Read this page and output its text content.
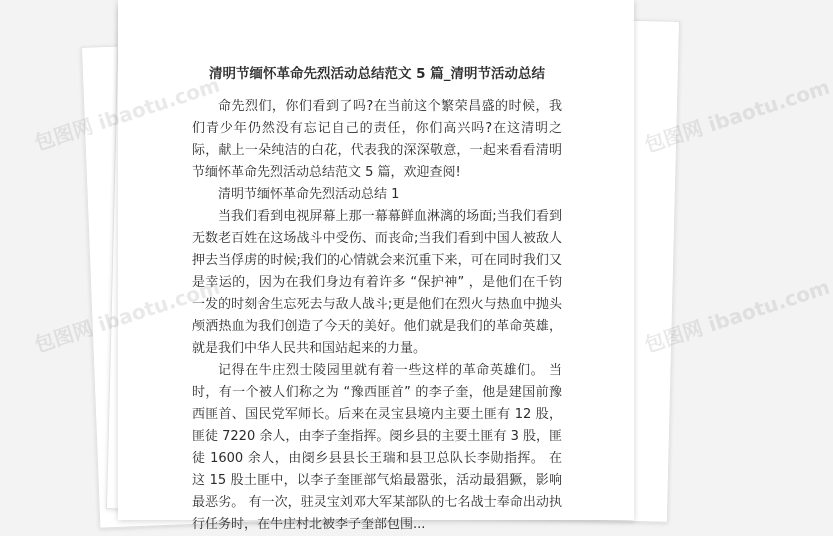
清明节缅怀革命先烈活动总结范文 5 篇_清明节活动总结

命先烈们，你们看到了吗?在当前这个繁荣昌盛的时候，我们青少年仍然没有忘记自己的责任，你们高兴吗?在这清明之际，献上一朵纯洁的白花，代表我的深深敬意，一起来看看清明节缅怀革命先烈活动总结范文 5 篇，欢迎查阅!

清明节缅怀革命先烈活动总结 1

当我们看到电视屏幕上那一幕幕鲜血淋漓的场面;当我们看到无数老百姓在这场战斗中受伤、而丧命;当我们看到中国人被敌人押去当俘虏的时候;我们的心情就会来沉重下来，可在同时我们又是幸运的，因为在我们身边有着许多 “保护神” ，是他们在千钧一发的时刻舍生忘死去与敌人战斗;更是他们在烈火与热血中抛头颅洒热血为我们创造了今天的美好。他们就是我们的革命英雄，就是我们中华人民共和国站起来的力量。

记得在牛庄烈士陵园里就有着一些这样的革命英雄们。 当时，有一个被人们称之为 “豫西匪首” 的李子奎，他是建国前豫西匪首、国民党军师长。后来在灵宝县境内主要土匪有 12 股，匪徒 7220 余人，由李子奎指挥。阌乡县的主要土匪有 3 股，匪徒 1600 余人，由阌乡县县长王瑞和县卫总队长李勋指挥。 在这 15 股土匪中，以李子奎匪部气焰最嚣张，活动最猖獗，影响最恶劣。 有一次，驻灵宝刘邓大军某部队的七名战士奉命出动执行任务时，在牛庄村北被李子奎部包围...

包图网	包图网 ibaotu.com
包图网	包图网 ibaotu.com
